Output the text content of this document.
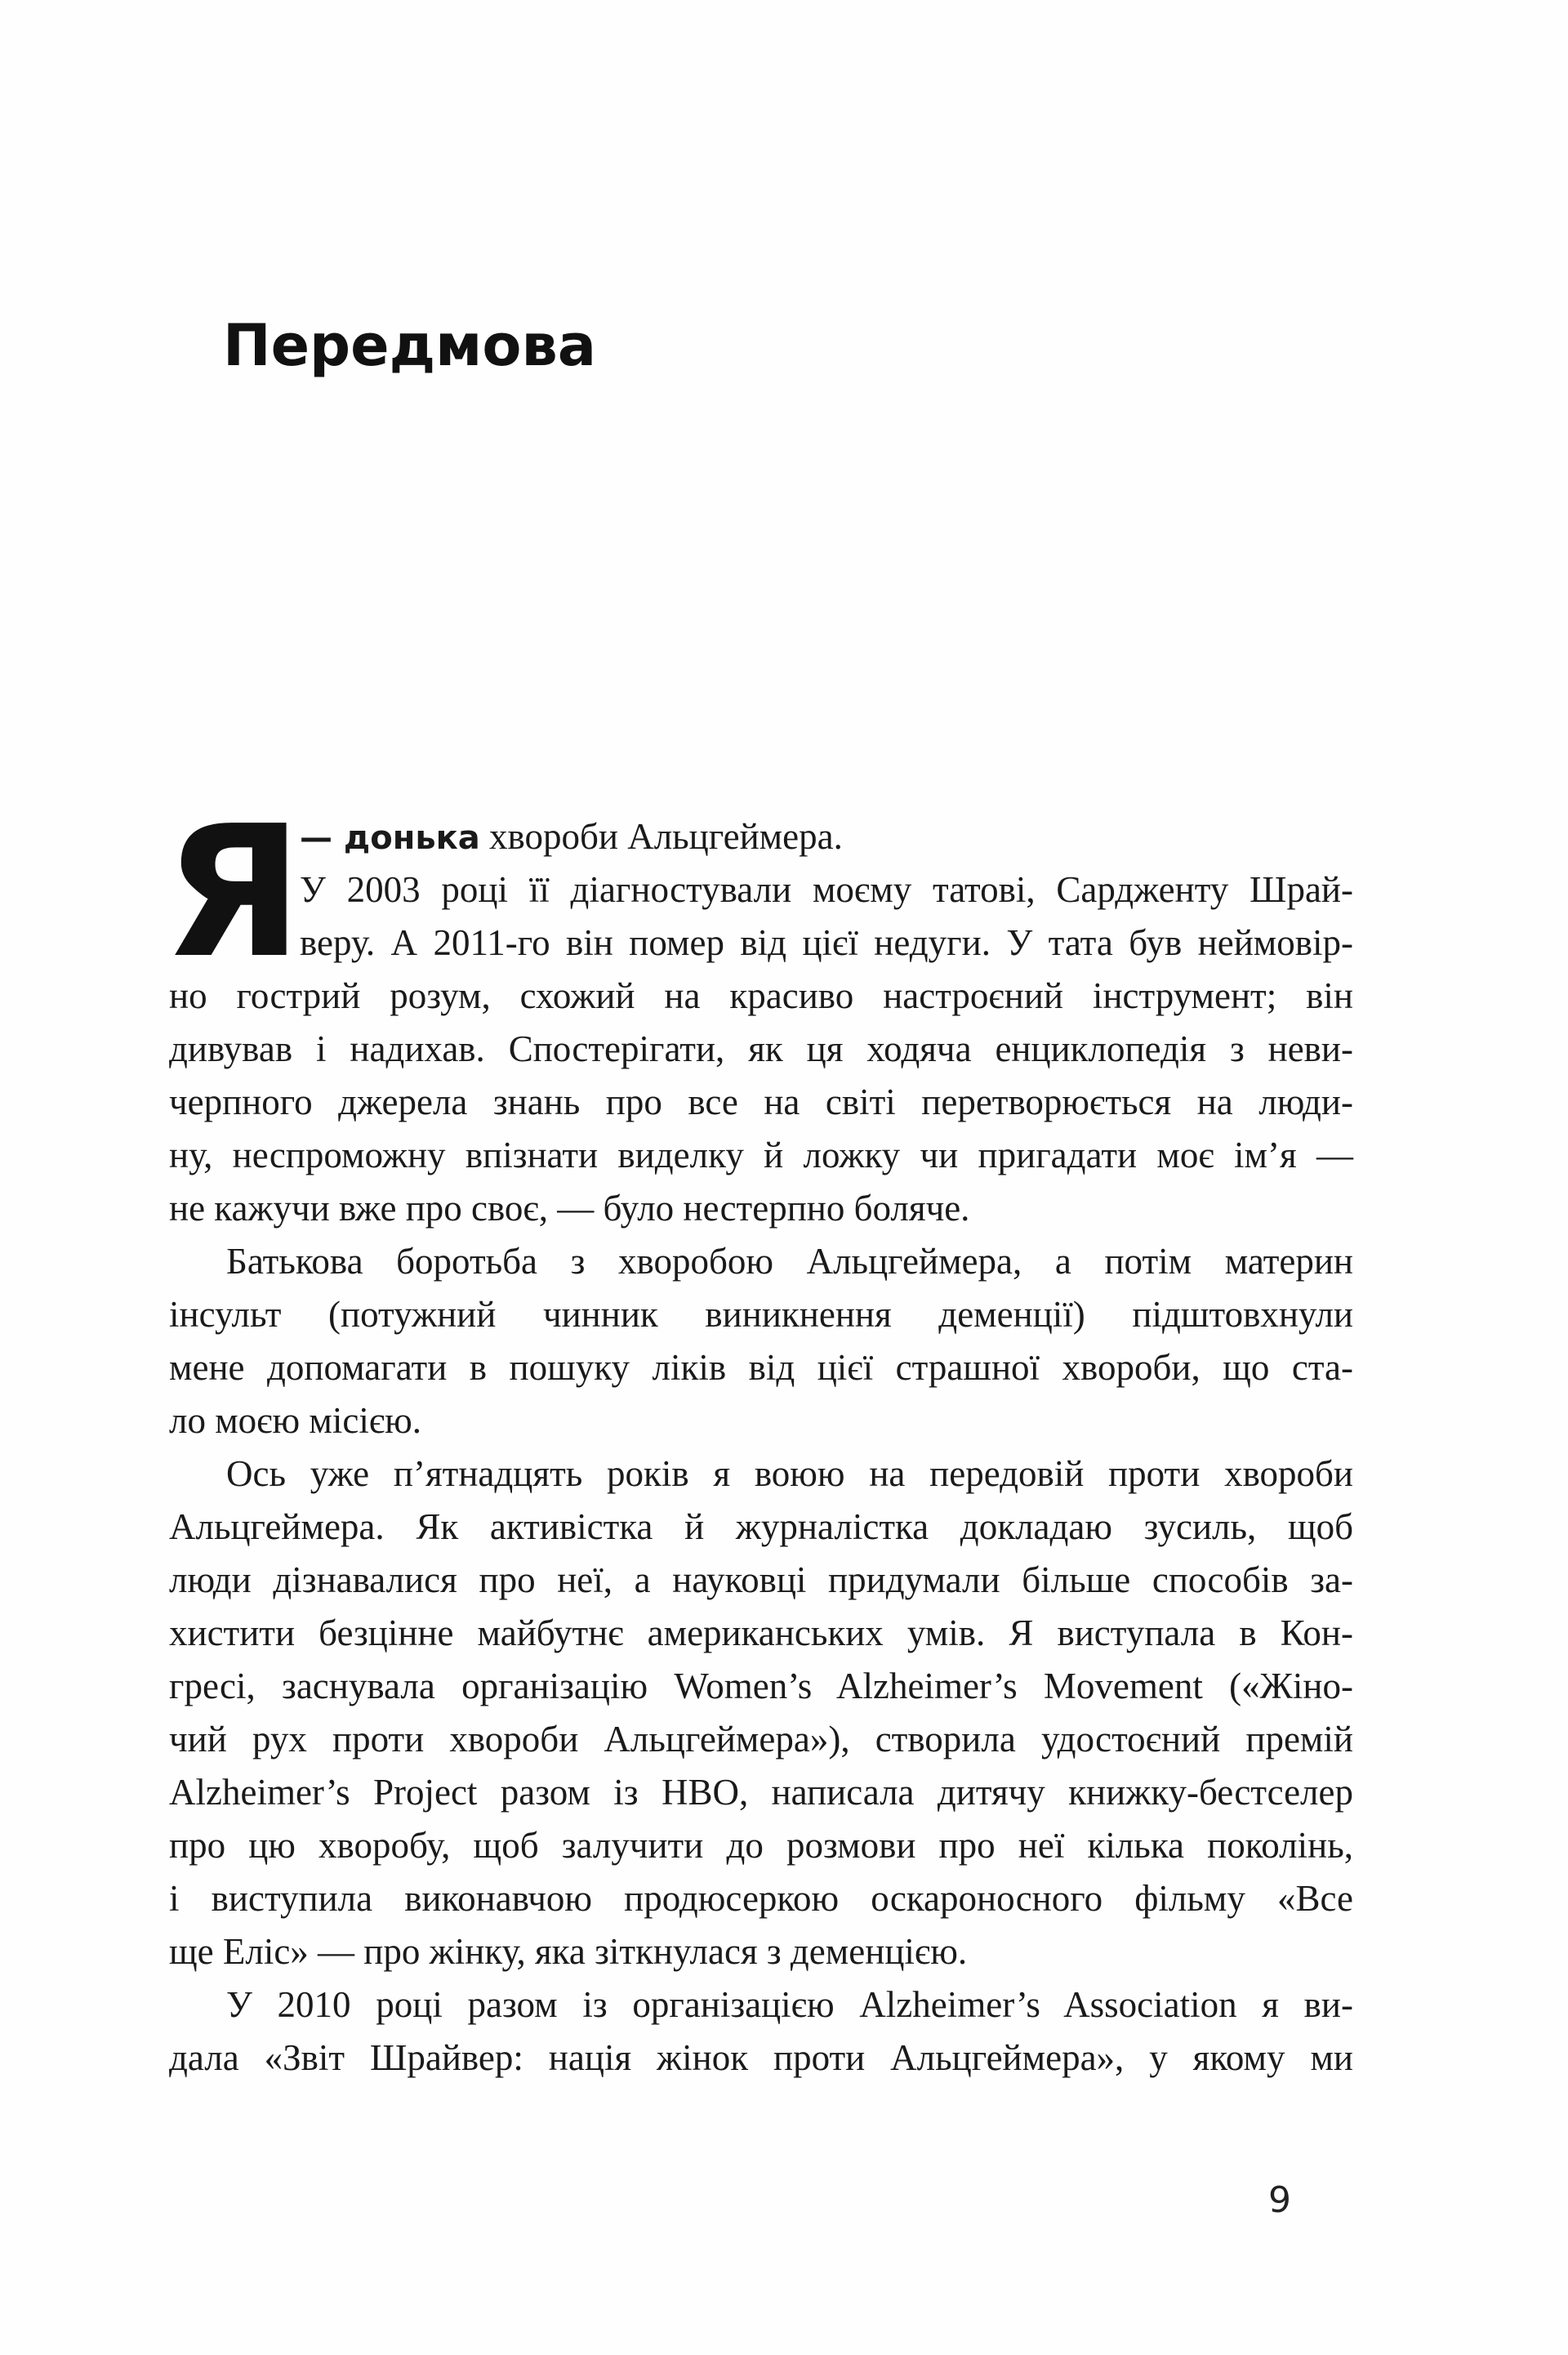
Передмова
Я
— донька хвороби Альцгеймера.
У 2003 році її діагностували моєму татові, Сардженту Шрай-
веру. А 2011-го він помер від цієї недуги. У тата був неймовір-
но гострий розум, схожий на красиво настроєний інструмент; він
дивував і надихав. Спостерігати, як ця ходяча енциклопедія з неви-
черпного джерела знань про все на світі перетворюється на люди-
ну, неспроможну впізнати виделку й ложку чи пригадати моє ім’я —
не кажучи вже про своє, — було нестерпно боляче.
Батькова боротьба з хворобою Альцгеймера, а потім материн
інсульт (потужний чинник виникнення деменції) підштовхнули
мене допомагати в пошуку ліків від цієї страшної хвороби, що ста-
ло моєю місією.
Ось уже п’ятнадцять років я воюю на передовій проти хвороби
Альцгеймера. Як активістка й журналістка докладаю зусиль, щоб
люди дізнавалися про неї, а науковці придумали більше способів за-
хистити безцінне майбутнє американських умів. Я виступала в Кон-
гресі, заснувала організацію Women’s Alzheimer’s Movement («Жіно-
чий рух проти хвороби Альцгеймера»), створила удостоєний премій
Alzheimer’s Project разом із HBO, написала дитячу книжку-бестселер
про цю хворобу, щоб залучити до розмови про неї кілька поколінь,
і виступила виконавчою продюсеркою оскароносного фільму «Все
ще Еліс» — про жінку, яка зіткнулася з деменцією.
У 2010 році разом із організацією Alzheimer’s Association я ви-
дала «Звіт Шрайвер: нація жінок проти Альцгеймера», у якому ми
9
